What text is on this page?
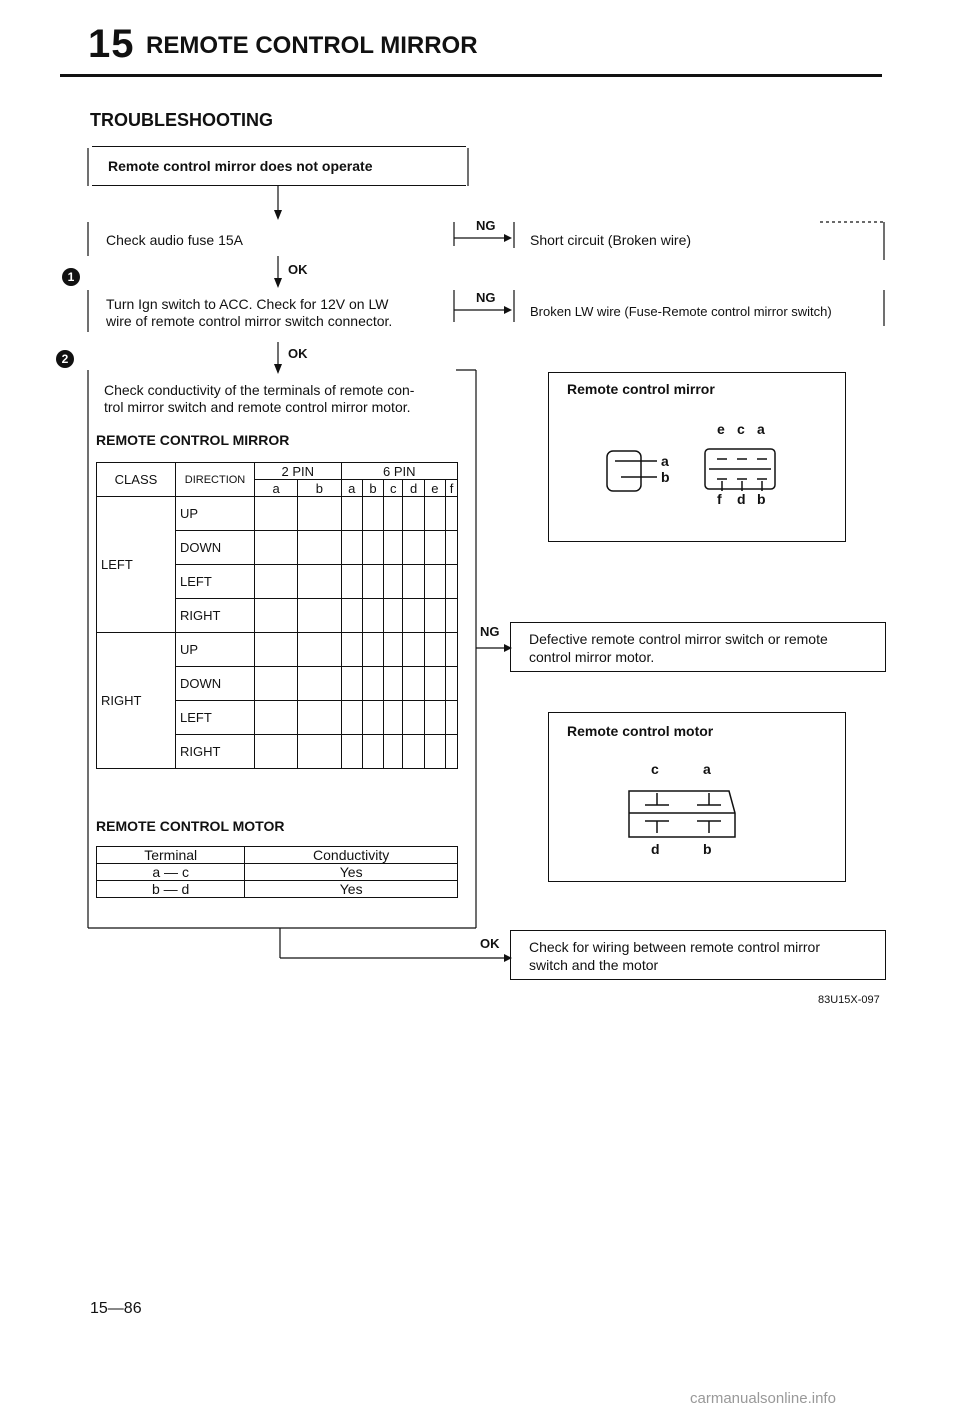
15 REMOTE CONTROL MIRROR
TROUBLESHOOTING
Remote control mirror does not operate
Check audio fuse 15A
NG
Short circuit (Broken wire)
OK
1
Turn Ign switch to ACC. Check for 12V on LW
wire of remote control mirror switch connector.
NG
Broken LW wire (Fuse-Remote control mirror switch)
OK
2
Check conductivity of the terminals of remote con-
trol mirror switch and remote control mirror motor.
REMOTE CONTROL MIRROR
CLASS	DIRECTION	2 PIN		6 PIN					
		a	b	a	b	c	d	e	f
LEFT	UP								
	DOWN								
	LEFT								
	RIGHT								
RIGHT	UP								
	DOWN								
	LEFT								
	RIGHT								
REMOTE CONTROL MOTOR
Terminal	Conductivity
a — c	Yes
b — d	Yes
Remote control mirror
a
b
e c a
f d b
NG Defective remote control mirror switch or remote
control mirror motor.
Remote control motor
c	a
d	b
OK Check for wiring between remote control mirror
switch and the motor
83U15X-097
15—86
carmanualsonline.info
